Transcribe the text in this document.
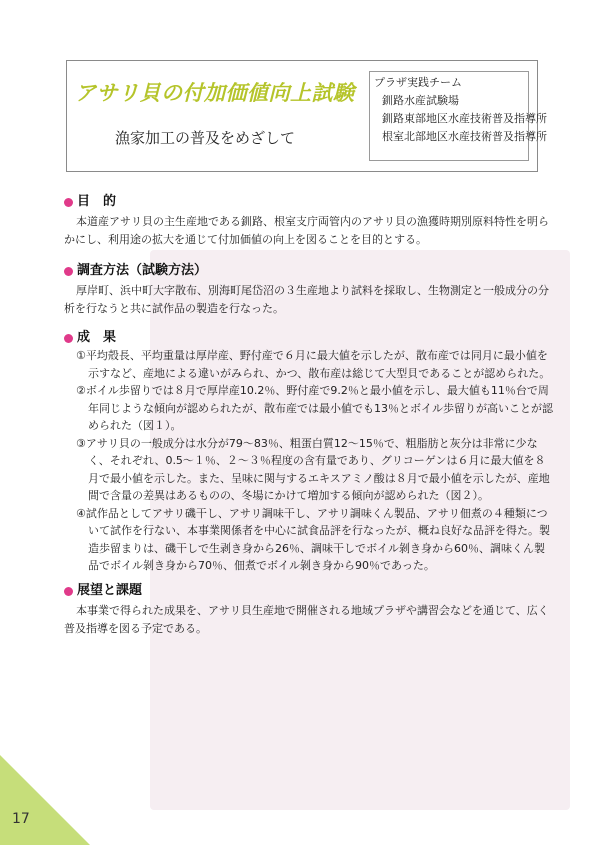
アサリ貝の付加価値向上試験
漁家加工の普及をめざして
プラザ実践チーム
釧路水産試験場
釧路東部地区水産技術普及指導所
根室北部地区水産技術普及指導所
目　的
本道産アサリ貝の主生産地である釧路、根室支庁両管内のアサリ貝の漁獲時期別原料特性を明らかにし、利用途の拡大を通じて付加価値の向上を図ることを目的とする。
調査方法（試験方法）
厚岸町、浜中町大字散布、別海町尾岱沼の３生産地より試料を採取し、生物測定と一般成分の分析を行なうと共に試作品の製造を行なった。
成　果
①平均殻長、平均重量は厚岸産、野付産で６月に最大値を示したが、散布産では同月に最小値を示すなど、産地による違いがみられ、かつ、散布産は総じて大型貝であることが認められた。
②ボイル歩留りでは８月で厚岸産10.2％、野付産で9.2％と最小値を示し、最大値も11％台で周年同じような傾向が認められたが、散布産では最小値でも13％とボイル歩留りが高いことが認められた（図１）。
③アサリ貝の一般成分は水分が79～83％、粗蛋白質12～15％で、粗脂肪と灰分は非常に少なく、それぞれ、0.5～１％、２～３％程度の含有量であり、グリコーゲンは６月に最大値を８月で最小値を示した。また、呈味に関与するエキスアミノ酸は８月で最小値を示したが、産地間で含量の差異はあるものの、冬場にかけて増加する傾向が認められた（図２）。
④試作品としてアサリ磯干し、アサリ調味干し、アサリ調味くん製品、アサリ佃煮の４種類について試作を行ない、本事業関係者を中心に試食品評を行なったが、概ね良好な品評を得た。製造歩留まりは、磯干しで生剥き身から26％、調味干しでボイル剝き身から60％、調味くん製品でボイル剝き身から70％、佃煮でボイル剝き身から90％であった。
展望と課題
本事業で得られた成果を、アサリ貝生産地で開催される地域プラザや講習会などを通じて、広く普及指導を図る予定である。
17
